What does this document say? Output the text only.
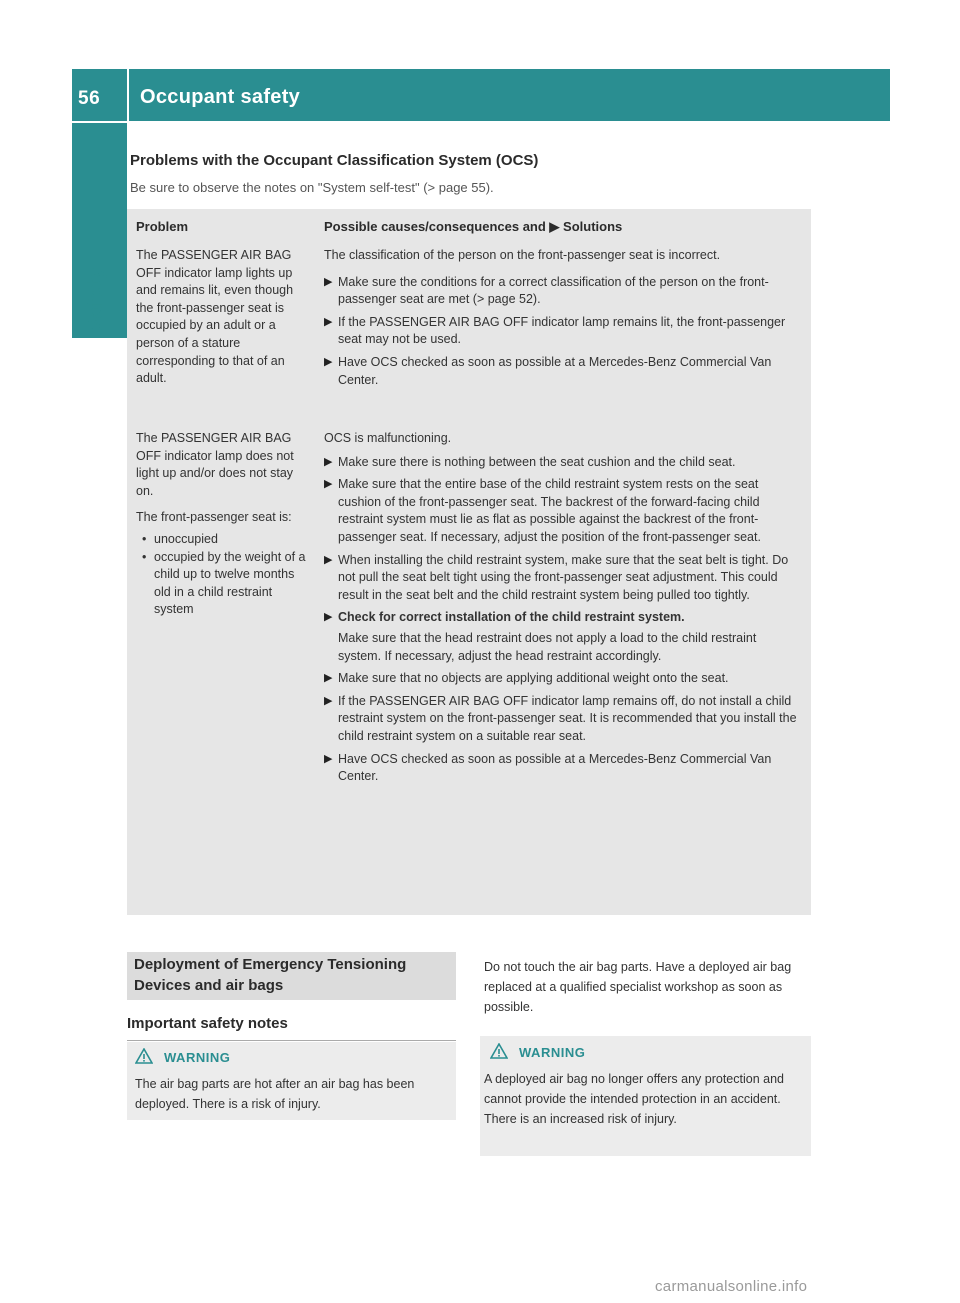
56 Occupant safety
Safety
Problems with the Occupant Classification System (OCS)
Be sure to observe the notes on "System self-test" (> page 55).
Problem	Possible causes/consequences and ▶ Solutions

The PASSENGER AIR BAG OFF indicator lamp lights up and remains lit, even though the front-passenger seat is occupied by an adult or a person of a stature corresponding to that of an adult.

The classification of the person on the front-passenger seat is incorrect.

▶ Make sure the conditions for a correct classification of the person on the front-passenger seat are met (> page 52).
▶ If the PASSENGER AIR BAG OFF indicator lamp remains lit, the front-passenger seat may not be used.
▶ Have OCS checked as soon as possible at a Mercedes-Benz Commercial Van Center.

The PASSENGER AIR BAG OFF indicator lamp does not light up and/or does not stay on.

The front-passenger seat is:

• unoccupied
• occupied by the weight of a child up to twelve months old in a child restraint system

OCS is malfunctioning.

▶ Make sure there is nothing between the seat cushion and the child seat.
▶ Make sure that the entire base of the child restraint system rests on the seat cushion of the front-passenger seat. The backrest of the forward-facing child restraint system must lie as flat as possible against the backrest of the front-passenger seat. If necessary, adjust the position of the front-passenger seat.
▶ When installing the child restraint system, make sure that the seat belt is tight. Do not pull the seat belt tight using the front-passenger seat adjustment. This could result in the seat belt and the child restraint system being pulled too tightly.
▶ Check for correct installation of the child restraint system.
Make sure that the head restraint does not apply a load to the child restraint system. If necessary, adjust the head restraint accordingly.
▶ Make sure that no objects are applying additional weight onto the seat.
▶ If the PASSENGER AIR BAG OFF indicator lamp remains off, do not install a child restraint system on the front-passenger seat. It is recommended that you install the child restraint system on a suitable rear seat.
▶ Have OCS checked as soon as possible at a Mercedes-Benz Commercial Van Center.
Deployment of Emergency Tensioning Devices and air bags
Important safety notes
WARNING
The air bag parts are hot after an air bag has been deployed. There is a risk of injury.
Do not touch the air bag parts. Have a deployed air bag replaced at a qualified specialist workshop as soon as possible.
WARNING
A deployed air bag no longer offers any protection and cannot provide the intended protection in an accident. There is an increased risk of injury.
carmanualsonline.info
